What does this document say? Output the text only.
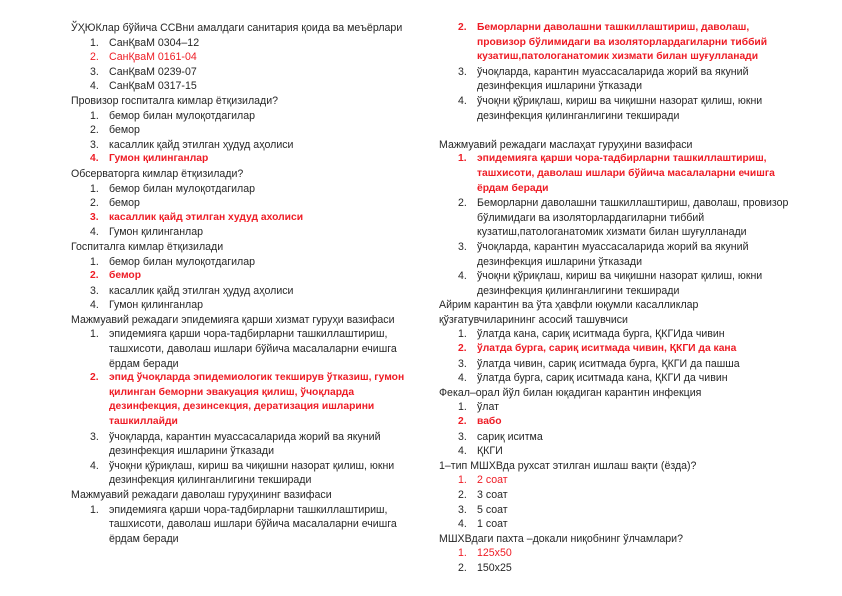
ЎҲЮКлар бўйича ССВни амалдаги санитария қоида ва меъёрлари
1. СанҚваМ 0304–12
2. СанҚваМ 0161-04
3. СанҚваМ 0239-07
4. СанҚваМ 0317-15
Провизор госпиталга кимлар ётқизилади?
1. бемор билан мулоқотдагилар
2. бемор
3. касаллик қайд этилган ҳудуд аҳолиси
4.	Гумон қилинганлар
Обсерваторга кимлар ётқизилади?
1. бемор билан мулоқотдагилар
2. бемор
3.	касаллик қайд этилган худуд ахолиси
4. Гумон қилинганлар
Госпиталга кимлар ётқизилади
1. бемор билан мулоқотдагилар
2.	бемор
3. касаллик қайд этилган ҳудуд аҳолиси
4. Гумон қилинганлар
Мажмуавий режадаги эпидемияга қарши хизмат гуруҳи вазифаси
1. эпидемияга қарши чора-тадбирларни ташкиллаштириш, ташхисоти, даволаш ишлари бўйича масалаларни ечишга ёрдам беради
2.	эпид ўчоқларда эпидемиологик текширув ўтказиш, гумон қилинган беморни эвакуация қилиш, ўчоқларда дезинфекция, дезинсекция, дератизация ишларини ташкиллайди
3. ўчоқларда, карантин муассасаларида жорий ва якуний дезинфекция ишларини ўтказади
4. ўчоқни қўриқлаш, кириш ва чиқишни назорат қилиш, юкни дезинфекция қилинганлигини текширади
Мажмуавий режадаги даволаш гуруҳининг вазифаси
1. эпидемияга қарши чора-тадбирларни ташкиллаштириш, ташхисоти, даволаш ишлари бўйича масалаларни ечишга ёрдам беради
2.	Беморларни даволашни ташкиллаштириш, даволаш, провизор бўлимидаги ва изоляторлардагиларни тиббий кузатиш,патологанатомик хизмати билан шуғулланади
3. ўчоқларда, карантин муассасаларида жорий ва якуний дезинфекция ишларини ўтказади
4. ўчоқни қўриқлаш, кириш ва чиқишни назорат қилиш, юкни дезинфекция қилинганлигини текширади
Мажмуавий режадаги маслаҳат гуруҳини вазифаси
1.	эпидемияга қарши чора-тадбирларни ташкиллаштириш, ташхисоти, даволаш ишлари бўйича масалаларни ечишга ёрдам беради
2. Беморларни даволашни ташкиллаштириш, даволаш, провизор бўлимидаги ва изоляторлардагиларни тиббий кузатиш,патологанатомик хизмати билан шуғулланади
3. ўчоқларда, карантин муассасаларида жорий ва якуний дезинфекция ишларини ўтказади
4. ўчоқни қўриқлаш, кириш ва чиқишни назорат қилиш, юкни дезинфекция қилинганлигини текширади
Айрим карантин ва ўта ҳавфли юқумли касалликлар қўзғатувчиларининг асосий ташувчиси
1. ўлатда кана, сариқ иситмада бурга, ҚКГИда чивин
2.	ўлатда бурга, сариқ иситмада чивин, ҚКГИ да кана
3. ўлатда чивин, сариқ иситмада бурга, ҚКГИ да пашша
4. ўлатда бурга, сариқ иситмада кана, ҚКГИ да чивин
Фекал–орал йўл билан юқадиган карантин инфекция
1. ўлат
2.	вабо
3. сариқ иситма
4. ҚКГИ
1–тип МШХВда рухсат этилган ишлаш вақти (ёзда)?
1. 2 соат
2. 3 соат
3. 5 соат
4. 1 соат
МШХВдаги пахта –докали ниқобнинг ўлчамлари?
1. 125х50
2. 150х25
